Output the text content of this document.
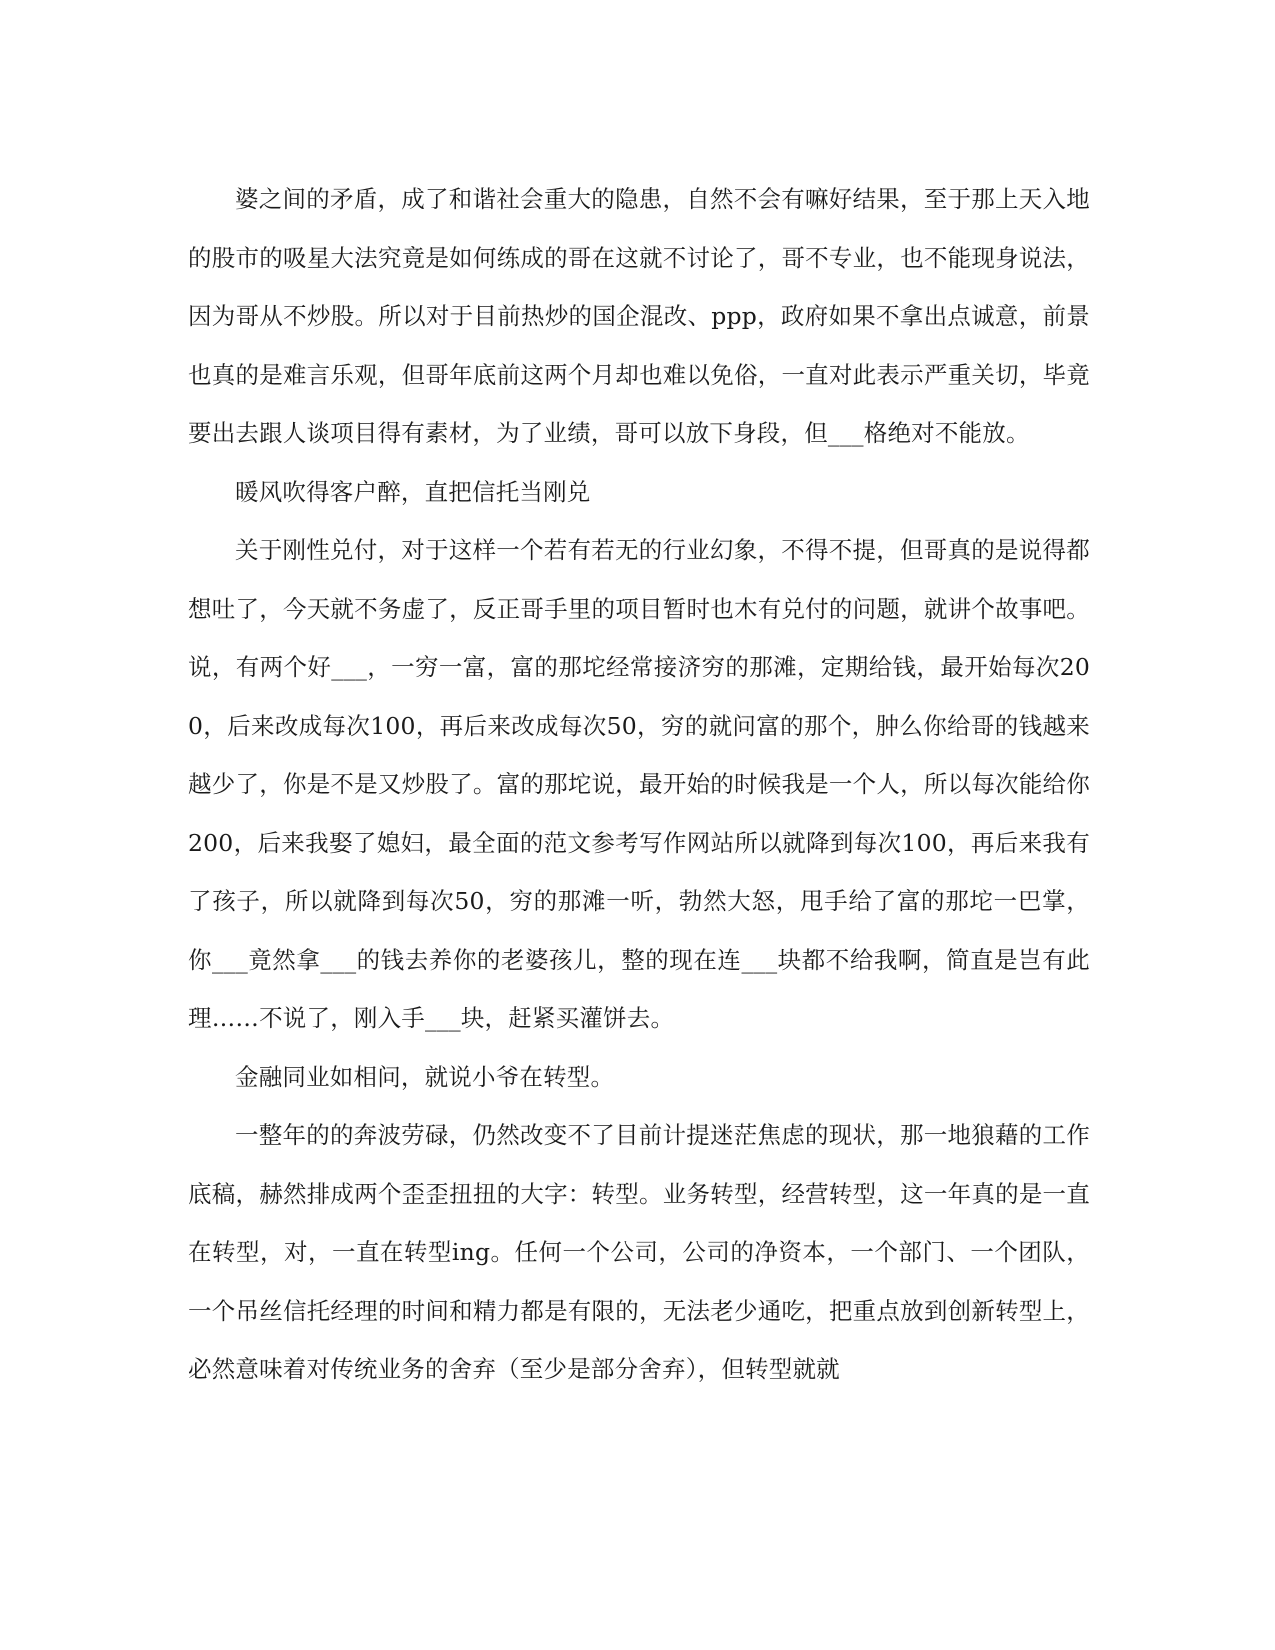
婆之间的矛盾，成了和谐社会重大的隐患，自然不会有嘛好结果，至于那上天入地的股市的吸星大法究竟是如何练成的哥在这就不讨论了，哥不专业，也不能现身说法，因为哥从不炒股。所以对于目前热炒的国企混改、ppp，政府如果不拿出点诚意，前景也真的是难言乐观，但哥年底前这两个月却也难以免俗，一直对此表示严重关切，毕竟要出去跟人谈项目得有素材，为了业绩，哥可以放下身段，但___格绝对不能放。

暖风吹得客户醉，直把信托当刚兑

关于刚性兑付，对于这样一个若有若无的行业幻象，不得不提，但哥真的是说得都想吐了，今天就不务虚了，反正哥手里的项目暂时也木有兑付的问题，就讲个故事吧。说，有两个好___，一穷一富，富的那坨经常接济穷的那滩，定期给钱，最开始每次200，后来改成每次100，再后来改成每次50，穷的就问富的那个，肿么你给哥的钱越来越少了，你是不是又炒股了。富的那坨说，最开始的时候我是一个人，所以每次能给你200，后来我娶了媳妇，最全面的范文参考写作网站所以就降到每次100，再后来我有了孩子，所以就降到每次50，穷的那滩一听，勃然大怒，甩手给了富的那坨一巴掌，你___竟然拿___的钱去养你的老婆孩儿，整的现在连___块都不给我啊，简直是岂有此理……不说了，刚入手___块，赶紧买灌饼去。

金融同业如相问，就说小爷在转型。

一整年的的奔波劳碌，仍然改变不了目前计提迷茫焦虑的现状，那一地狼藉的工作底稿，赫然排成两个歪歪扭扭的大字：转型。业务转型，经营转型，这一年真的是一直在转型，对，一直在转型ing。任何一个公司，公司的净资本，一个部门、一个团队，一个吊丝信托经理的时间和精力都是有限的，无法老少通吃，把重点放到创新转型上，必然意味着对传统业务的舍弃（至少是部分舍弃），但转型就就
